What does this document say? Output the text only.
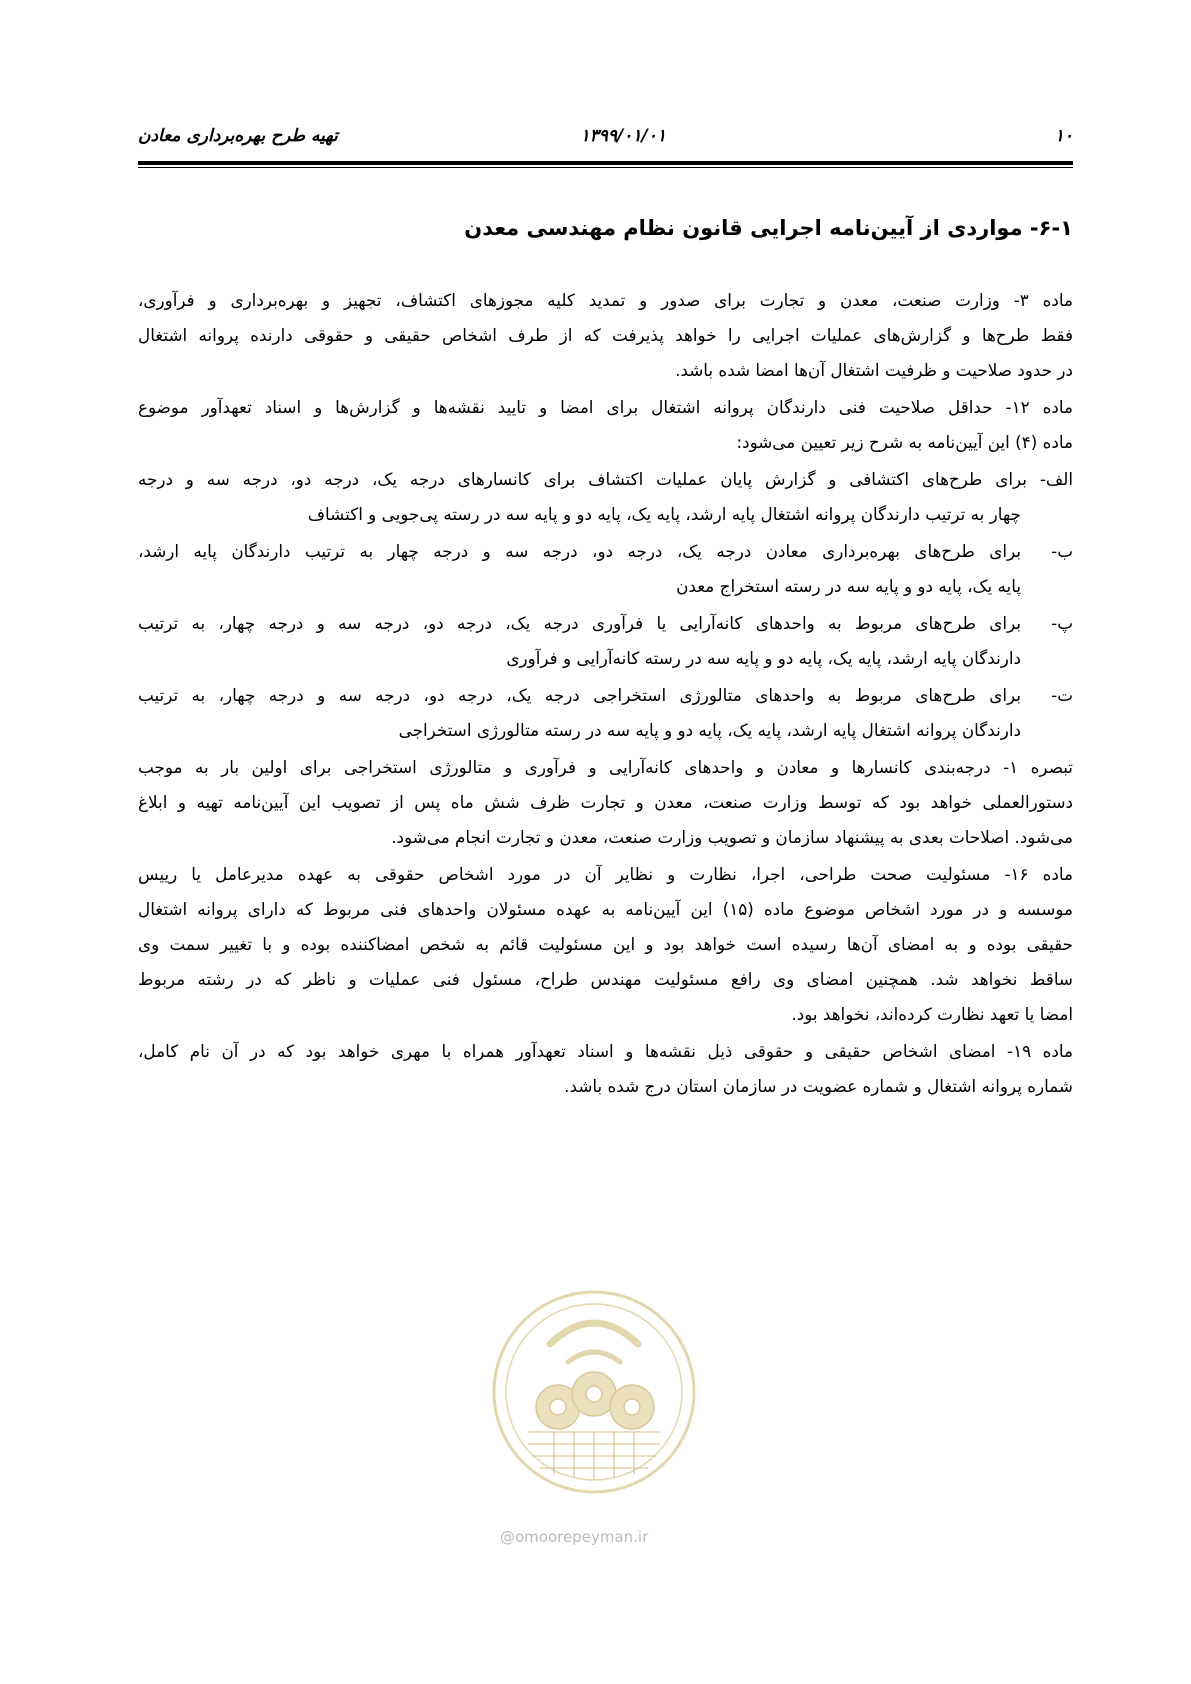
تهیه طرح بهره‌برداری معادن	۱۳۹۹/۰۱/۰۱	۱۰
۶-۱- مواردی از آیین‌نامه اجرایی قانون نظام مهندسی معدن

ماده ۳- وزارت صنعت، معدن و تجارت برای صدور و تمدید کلیه مجوزهای اکتشاف، تجهیز و بهره‌برداری و فرآوری،
فقط طرح‌ها و گزارش‌های عملیات اجرایی را خواهد پذیرفت که از طرف اشخاص حقیقی و حقوقی دارنده پروانه اشتغال
در حدود صلاحیت و ظرفیت اشتغال آن‌ها امضا شده باشد.

ماده ۱۲- حداقل صلاحیت فنی دارندگان پروانه اشتغال برای امضا و تایید نقشه‌ها و گزارش‌ها و اسناد تعهدآور موضوع
ماده (۴) این آیین‌نامه به شرح زیر تعیین می‌شود:

الف- برای طرح‌های اکتشافی و گزارش پایان عملیات اکتشاف برای کانسارهای درجه یک، درجه دو، درجه سه و درجه
چهار به ترتیب دارندگان پروانه اشتغال پایه ارشد، پایه یک، پایه دو و پایه سه در رسته پی‌جویی و اکتشاف
ب-
برای طرح‌های بهره‌برداری معادن درجه یک، درجه دو، درجه سه و درجه چهار به ترتیب دارندگان پایه ارشد،
پایه یک، پایه دو و پایه سه در رسته استخراج معدن
پ-
برای طرح‌های مربوط به واحدهای کانه‌آرایی یا فرآوری درجه یک، درجه دو، درجه سه و درجه چهار، به ترتیب
دارندگان پایه ارشد، پایه یک، پایه دو و پایه سه در رسته کانه‌آرایی و فرآوری
ت-
برای طرح‌های مربوط به واحدهای متالورژی استخراجی درجه یک، درجه دو، درجه سه و درجه چهار، به ترتیب
دارندگان پروانه اشتغال پایه ارشد، پایه یک، پایه دو و پایه سه در رسته متالورژی استخراجی

تبصره ۱- درجه‌بندی کانسارها و معادن و واحدهای کانه‌آرایی و فرآوری و متالورژی استخراجی برای اولین بار به موجب
دستورالعملی خواهد بود که توسط وزارت صنعت، معدن و تجارت ظرف شش ماه پس از تصویب این آیین‌نامه تهیه و ابلاغ
می‌شود. اصلاحات بعدی به پیشنهاد سازمان و تصویب وزارت صنعت، معدن و تجارت انجام می‌شود.

ماده ۱۶- مسئولیت صحت طراحی، اجرا، نظارت و نظایر آن در مورد اشخاص حقوقی به عهده مدیرعامل یا رییس
موسسه و در مورد اشخاص موضوع ماده (۱۵) این آیین‌نامه به عهده مسئولان واحدهای فنی مربوط که دارای پروانه اشتغال
حقیقی بوده و به امضای آن‌ها رسیده است خواهد بود و این مسئولیت قائم به شخص امضاکننده بوده و با تغییر سمت وی
ساقط نخواهد شد. همچنین امضای وی رافع مسئولیت مهندس طراح، مسئول فنی عملیات و ناظر که در رشته مربوط
امضا یا تعهد نظارت کرده‌اند، نخواهد بود.

ماده ۱۹- امضای اشخاص حقیقی و حقوقی ذیل نقشه‌ها و اسناد تعهدآور همراه با مهری خواهد بود که در آن نام کامل،
شماره پروانه اشتغال و شماره عضویت در سازمان استان درج شده باشد.

@omoorepeyman.ir
